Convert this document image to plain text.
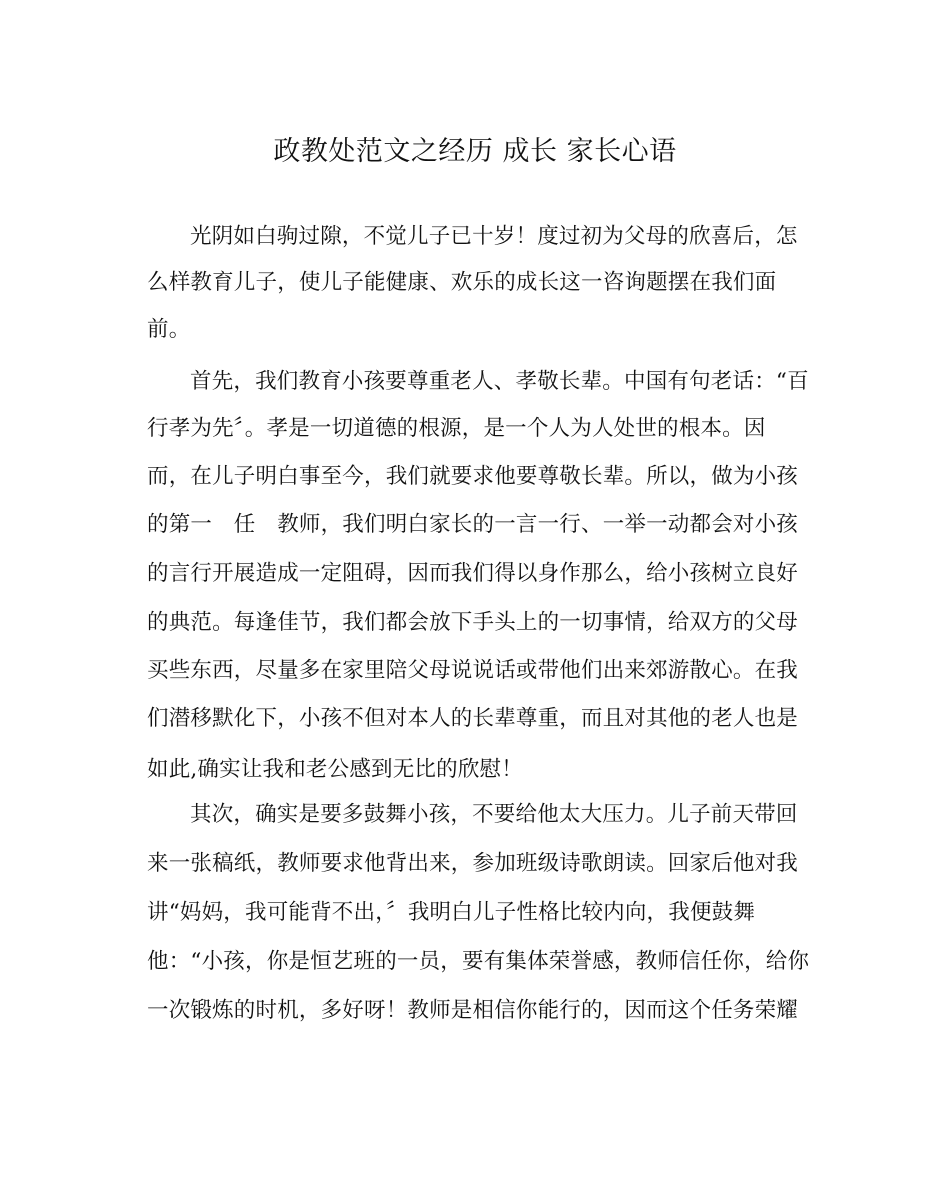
政教处范文之经历 成长 家长心语
光阴如白驹过隙，不觉儿子已十岁！度过初为父母的欣喜后，怎
么样教育儿子，使儿子能健康、欢乐的成长这一咨询题摆在我们面
前。
首先，我们教育小孩要尊重老人、孝敬长辈。中国有句老话：“百
行孝为先〞。孝是一切道德的根源，是一个人为人处世的根本。因
而，在儿子明白事至今，我们就要求他要尊敬长辈。所以，做为小孩
的第一　任　教师，我们明白家长的一言一行、一举一动都会对小孩
的言行开展造成一定阻碍，因而我们得以身作那么，给小孩树立良好
的典范。每逢佳节，我们都会放下手头上的一切事情，给双方的父母
买些东西，尽量多在家里陪父母说说话或带他们出来郊游散心。在我
们潜移默化下，小孩不但对本人的长辈尊重，而且对其他的老人也是
如此,确实让我和老公感到无比的欣慰！
其次，确实是要多鼓舞小孩，不要给他太大压力。儿子前天带回
来一张稿纸，教师要求他背出来，参加班级诗歌朗读。回家后他对我
讲“妈妈，我可能背不出，〞我明白儿子性格比较内向，我便鼓舞
他：“小孩，你是恒艺班的一员，要有集体荣誉感，教师信任你，给你
一次锻炼的时机，多好呀！教师是相信你能行的，因而这个任务荣耀
